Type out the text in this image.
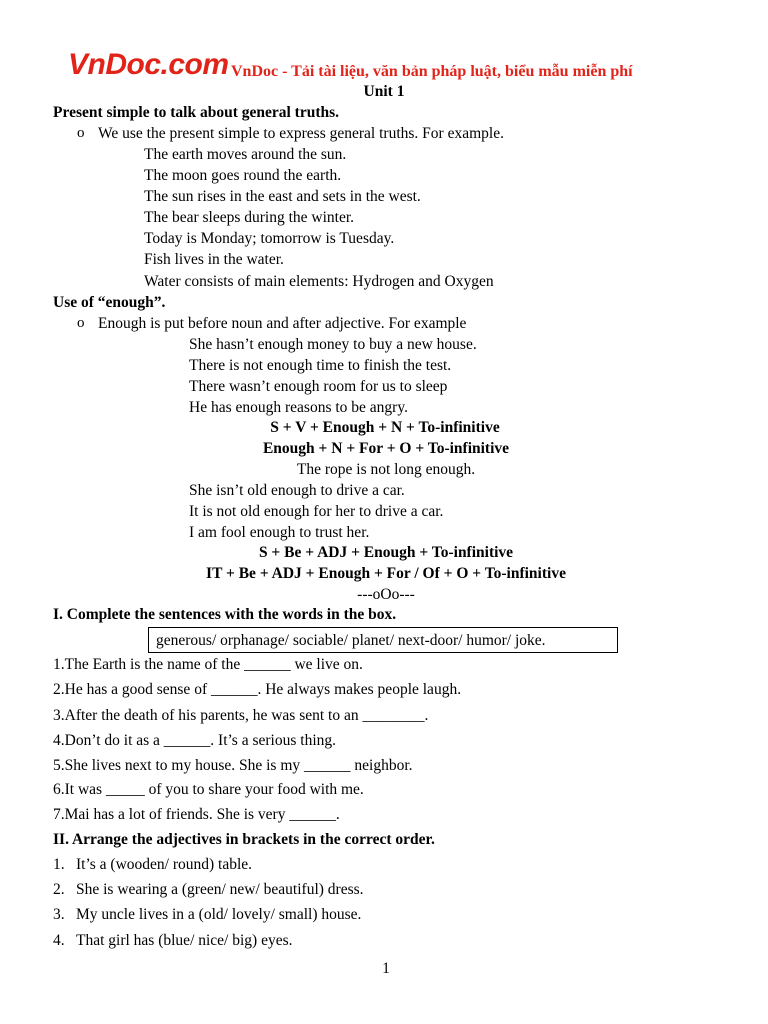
VnDoc.com VnDoc - Tải tài liệu, văn bản pháp luật, biểu mẫu miễn phí
Unit 1
Present simple to talk about general truths.
o We use the present simple to express general truths. For example.
The earth moves around the sun.
The moon goes round the earth.
The sun rises in the east and sets in the west.
The bear sleeps during the winter.
Today is Monday; tomorrow is Tuesday.
Fish lives in the water.
Water consists of main elements: Hydrogen and Oxygen
Use of “enough”.
o Enough is put before noun and after adjective. For example
She hasn’t enough money to buy a new house.
There is not enough time to finish the test.
There wasn’t enough room for us to sleep
He has enough reasons to be angry.
S + V + Enough + N + To-infinitive
Enough + N + For + O + To-infinitive
The rope is not long enough.
She isn’t old enough to drive a car.
It is not old enough for her to drive a car.
I am fool enough to trust her.
S + Be + ADJ + Enough + To-infinitive
IT + Be + ADJ + Enough + For / Of + O + To-infinitive
---oOo---
I. Complete the sentences with the words in the box.
generous/ orphanage/ sociable/ planet/ next-door/ humor/ joke.
1.The Earth is the name of the ______ we live on.
2.He has a good sense of ______. He always makes people laugh.
3.After the death of his parents, he was sent to an ________.
4.Don’t do it as a ______. It’s a serious thing.
5.She lives next to my house. She is my ______ neighbor.
6.It was _____ of you to share your food with me.
7.Mai has a lot of friends. She is very ______.
II. Arrange the adjectives in brackets in the correct order.
1. It’s a (wooden/ round) table.
2. She is wearing a (green/ new/ beautiful) dress.
3. My uncle lives in a (old/ lovely/ small) house.
4. That girl has (blue/ nice/ big) eyes.
1
